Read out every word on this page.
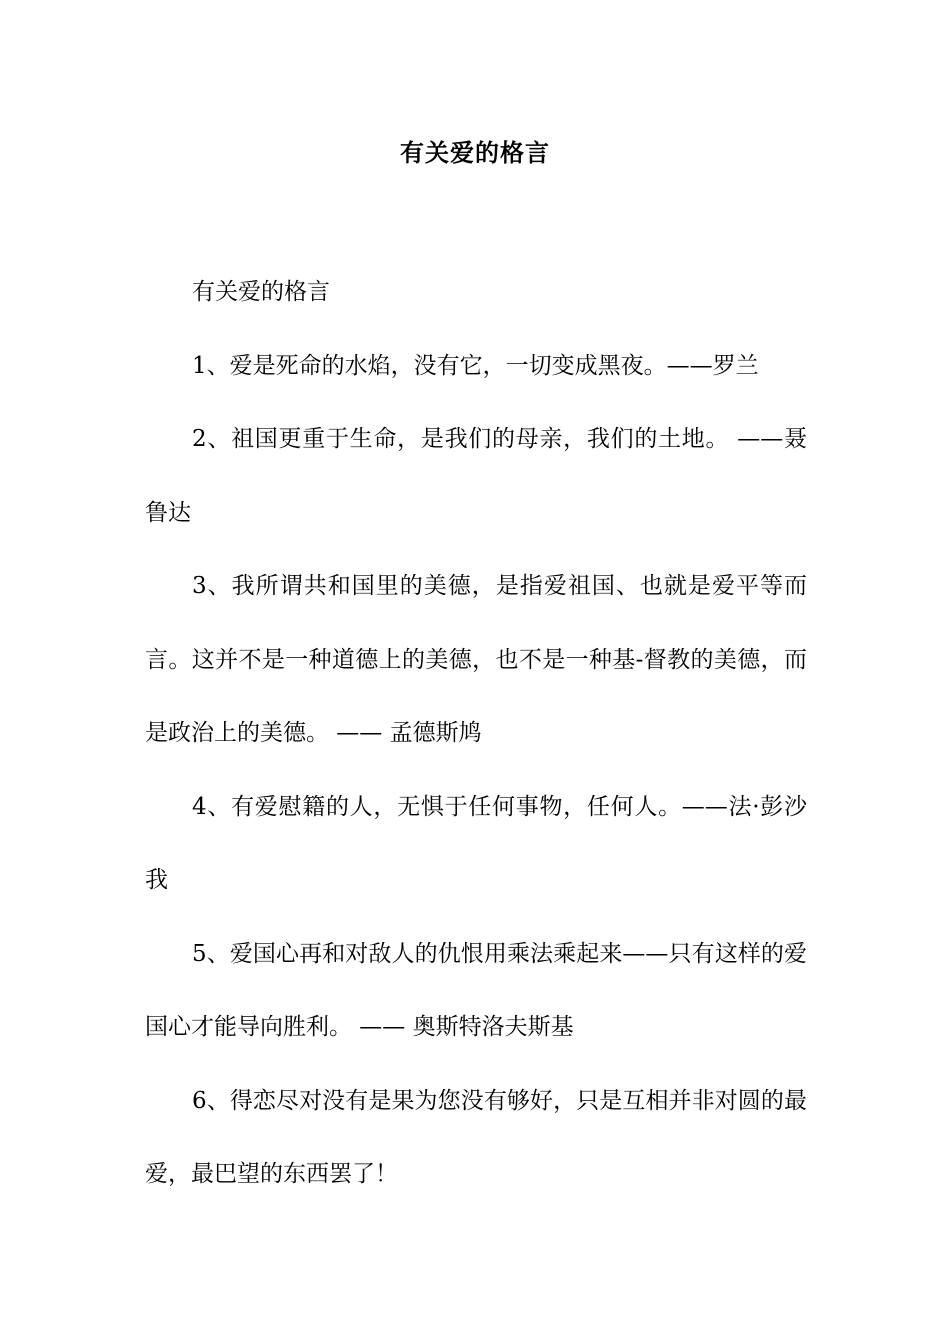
有关爱的格言

有关爱的格言

1、爱是死命的水焰，没有它，一切变成黑夜。——罗兰

2、祖国更重于生命，是我们的母亲，我们的土地。 ——聂鲁达

3、我所谓共和国里的美德，是指爱祖国、也就是爱平等而言。这并不是一种道德上的美德，也不是一种基-督教的美德，而是政治上的美德。 —— 孟德斯鸠

4、有爱慰籍的人，无惧于任何事物，任何人。——法·彭沙我

5、爱国心再和对敌人的仇恨用乘法乘起来——只有这样的爱国心才能导向胜利。 —— 奥斯特洛夫斯基

6、得恋尽对没有是果为您没有够好，只是互相并非对圆的最爱，最巴望的东西罢了！
